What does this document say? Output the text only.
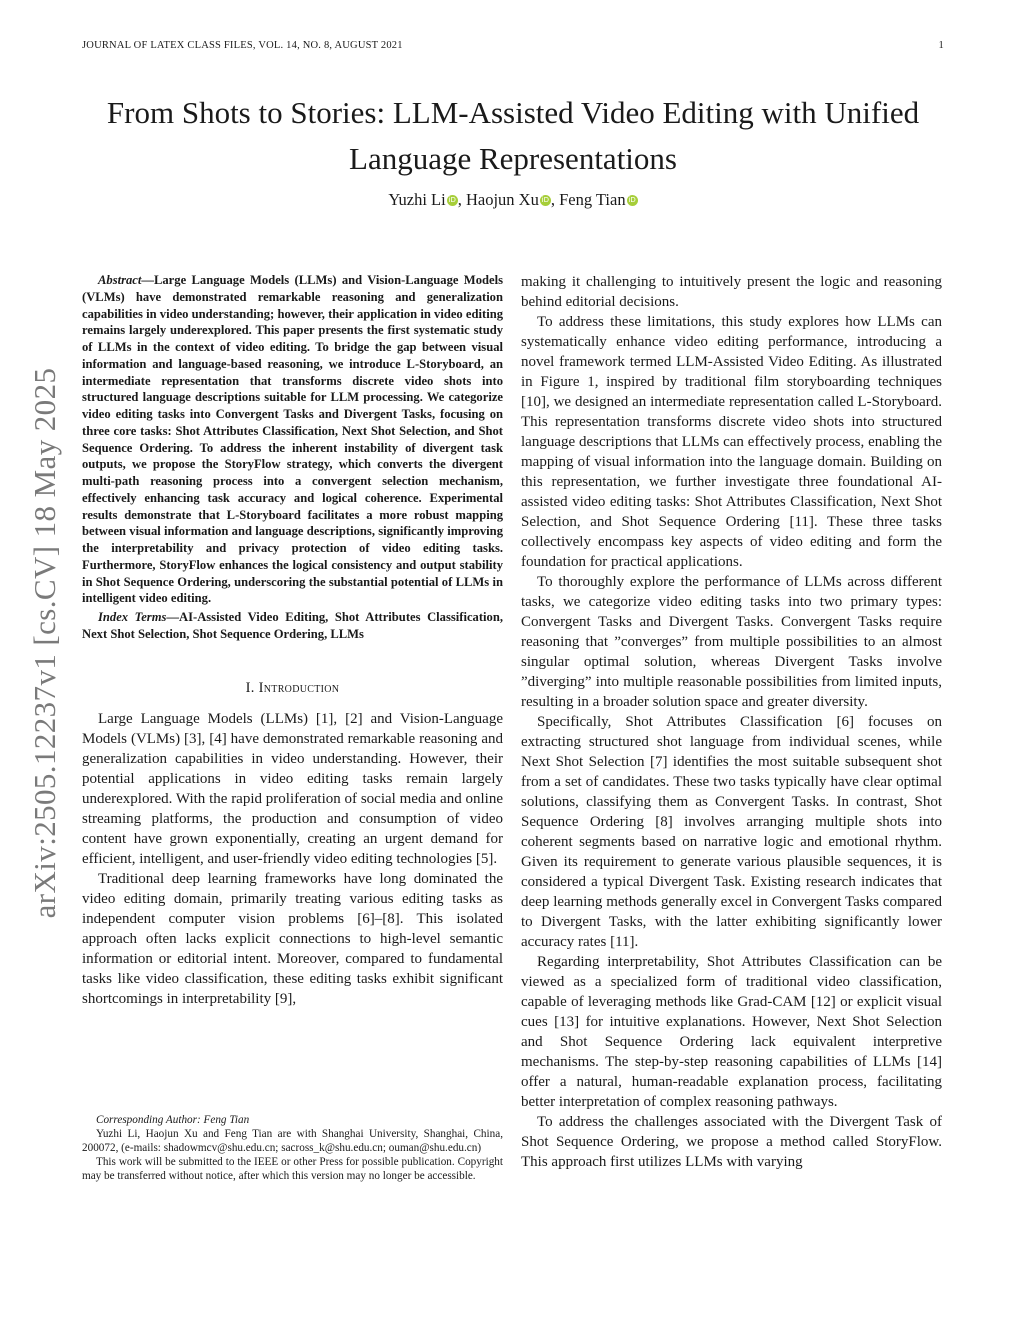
JOURNAL OF LATEX CLASS FILES, VOL. 14, NO. 8, AUGUST 2021	1
arXiv:2505.12237v1 [cs.CV] 18 May 2025
From Shots to Stories: LLM-Assisted Video Editing with Unified Language Representations
Yuzhi Li iD , Haojun Xu iD , Feng Tian iD

Abstract—Large Language Models (LLMs) and Vision-Language Models (VLMs) have demonstrated remarkable reasoning and generalization capabilities in video understanding; however, their application in video editing remains largely underexplored. This paper presents the first systematic study of LLMs in the context of video editing. To bridge the gap between visual information and language-based reasoning, we introduce L-Storyboard, an intermediate representation that transforms discrete video shots into structured language descriptions suitable for LLM processing. We categorize video editing tasks into Convergent Tasks and Divergent Tasks, focusing on three core tasks: Shot Attributes Classification, Next Shot Selection, and Shot Sequence Ordering. To address the inherent instability of divergent task outputs, we propose the StoryFlow strategy, which converts the divergent multi-path reasoning process into a convergent selection mechanism, effectively enhancing task accuracy and logical coherence. Experimental results demonstrate that L-Storyboard facilitates a more robust mapping between visual information and language descriptions, significantly improving the interpretability and privacy protection of video editing tasks. Furthermore, StoryFlow enhances the logical consistency and output stability in Shot Sequence Ordering, underscoring the substantial potential of LLMs in intelligent video editing.

Index Terms—AI-Assisted Video Editing, Shot Attributes Classification, Next Shot Selection, Shot Sequence Ordering, LLMs

I. Introduction

Large Language Models (LLMs) [1], [2] and Vision-Language Models (VLMs) [3], [4] have demonstrated remarkable reasoning and generalization capabilities in video understanding. However, their potential applications in video editing tasks remain largely underexplored. With the rapid proliferation of social media and online streaming platforms, the production and consumption of video content have grown exponentially, creating an urgent demand for efficient, intelligent, and user-friendly video editing technologies [5].

Traditional deep learning frameworks have long dominated the video editing domain, primarily treating various editing tasks as independent computer vision problems [6]–[8]. This isolated approach often lacks explicit connections to high-level semantic information or editorial intent. Moreover, compared to fundamental tasks like video classification, these editing tasks exhibit significant shortcomings in interpretability [9],

Corresponding Author: Feng Tian

Yuzhi Li, Haojun Xu and Feng Tian are with Shanghai University, Shanghai, China, 200072, (e-mails: shadowmcv@shu.edu.cn; sacross_k@shu.edu.cn; ouman@shu.edu.cn)

This work will be submitted to the IEEE or other Press for possible publication. Copyright may be transferred without notice, after which this version may no longer be accessible.

making it challenging to intuitively present the logic and reasoning behind editorial decisions.

To address these limitations, this study explores how LLMs can systematically enhance video editing performance, introducing a novel framework termed LLM-Assisted Video Editing. As illustrated in Figure 1, inspired by traditional film storyboarding techniques [10], we designed an intermediate representation called L-Storyboard. This representation transforms discrete video shots into structured language descriptions that LLMs can effectively process, enabling the mapping of visual information into the language domain. Building on this representation, we further investigate three foundational AI-assisted video editing tasks: Shot Attributes Classification, Next Shot Selection, and Shot Sequence Ordering [11]. These three tasks collectively encompass key aspects of video editing and form the foundation for practical applications.

To thoroughly explore the performance of LLMs across different tasks, we categorize video editing tasks into two primary types: Convergent Tasks and Divergent Tasks. Convergent Tasks require reasoning that ”converges” from multiple possibilities to an almost singular optimal solution, whereas Divergent Tasks involve ”diverging” into multiple reasonable possibilities from limited inputs, resulting in a broader solution space and greater diversity.

Specifically, Shot Attributes Classification [6] focuses on extracting structured shot language from individual scenes, while Next Shot Selection [7] identifies the most suitable subsequent shot from a set of candidates. These two tasks typically have clear optimal solutions, classifying them as Convergent Tasks. In contrast, Shot Sequence Ordering [8] involves arranging multiple shots into coherent segments based on narrative logic and emotional rhythm. Given its requirement to generate various plausible sequences, it is considered a typical Divergent Task. Existing research indicates that deep learning methods generally excel in Convergent Tasks compared to Divergent Tasks, with the latter exhibiting significantly lower accuracy rates [11].

Regarding interpretability, Shot Attributes Classification can be viewed as a specialized form of traditional video classification, capable of leveraging methods like Grad-CAM [12] or explicit visual cues [13] for intuitive explanations. However, Next Shot Selection and Shot Sequence Ordering lack equivalent interpretive mechanisms. The step-by-step reasoning capabilities of LLMs [14] offer a natural, human-readable explanation process, facilitating better interpretation of complex reasoning pathways.

To address the challenges associated with the Divergent Task of Shot Sequence Ordering, we propose a method called StoryFlow. This approach first utilizes LLMs with varying
